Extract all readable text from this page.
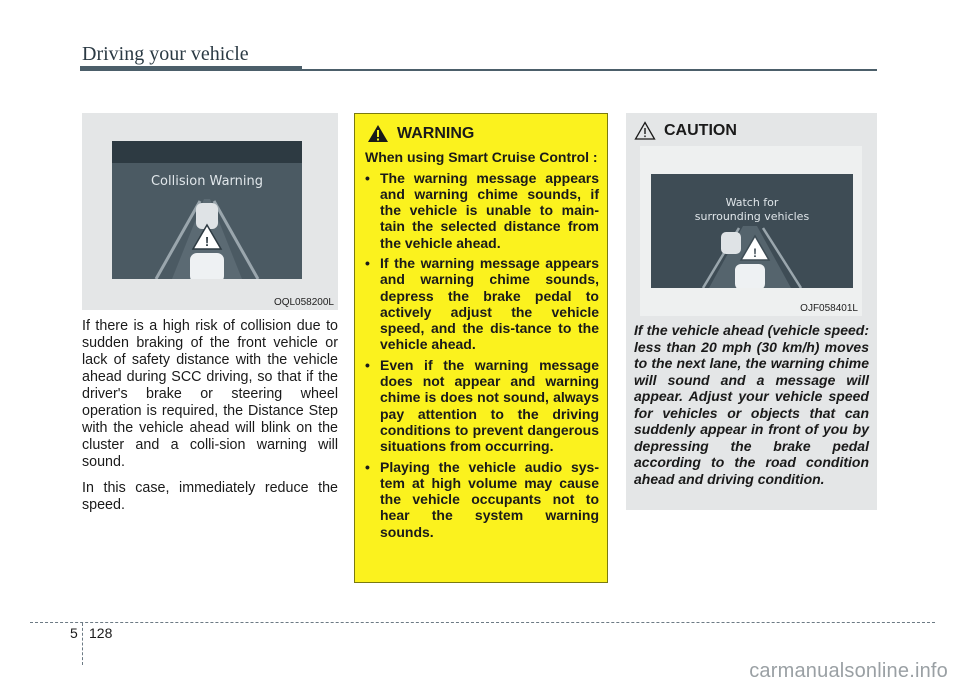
Driving your vehicle
Collision Warning
!
OQL058200L

If there is a high risk of collision due to sudden braking of the front vehicle or lack of safety distance with the vehicle ahead during SCC driving, so that if the driver's brake or steering wheel operation is required, the Distance Step with the vehicle ahead will blink on the cluster and a colli-sion warning will sound.

In this case, immediately reduce the speed.

WARNING

When using Smart Cruise Control :

• The warning message appears and warning chime sounds, if the vehicle is unable to main-tain the selected distance from the vehicle ahead.
• If the warning message appears and warning chime sounds, depress the brake pedal to actively adjust the vehicle speed, and the dis-tance to the vehicle ahead.
• Even if the warning message does not appear and warning chime is does not sound, always pay attention to the driving conditions to prevent dangerous situations from occurring.
• Playing the vehicle audio sys-tem at high volume may cause the vehicle occupants not to hear the system warning sounds.
CAUTION
Watch for
surrounding vehicles
!
OJF058401L

If the vehicle ahead (vehicle speed: less than 20 mph (30 km/h) moves to the next lane, the warning chime will sound and a message will appear. Adjust your vehicle speed for vehicles or objects that can suddenly appear in front of you by depressing the brake pedal according to the road condition ahead and driving condition.

5 128
carmanualsonline.info
